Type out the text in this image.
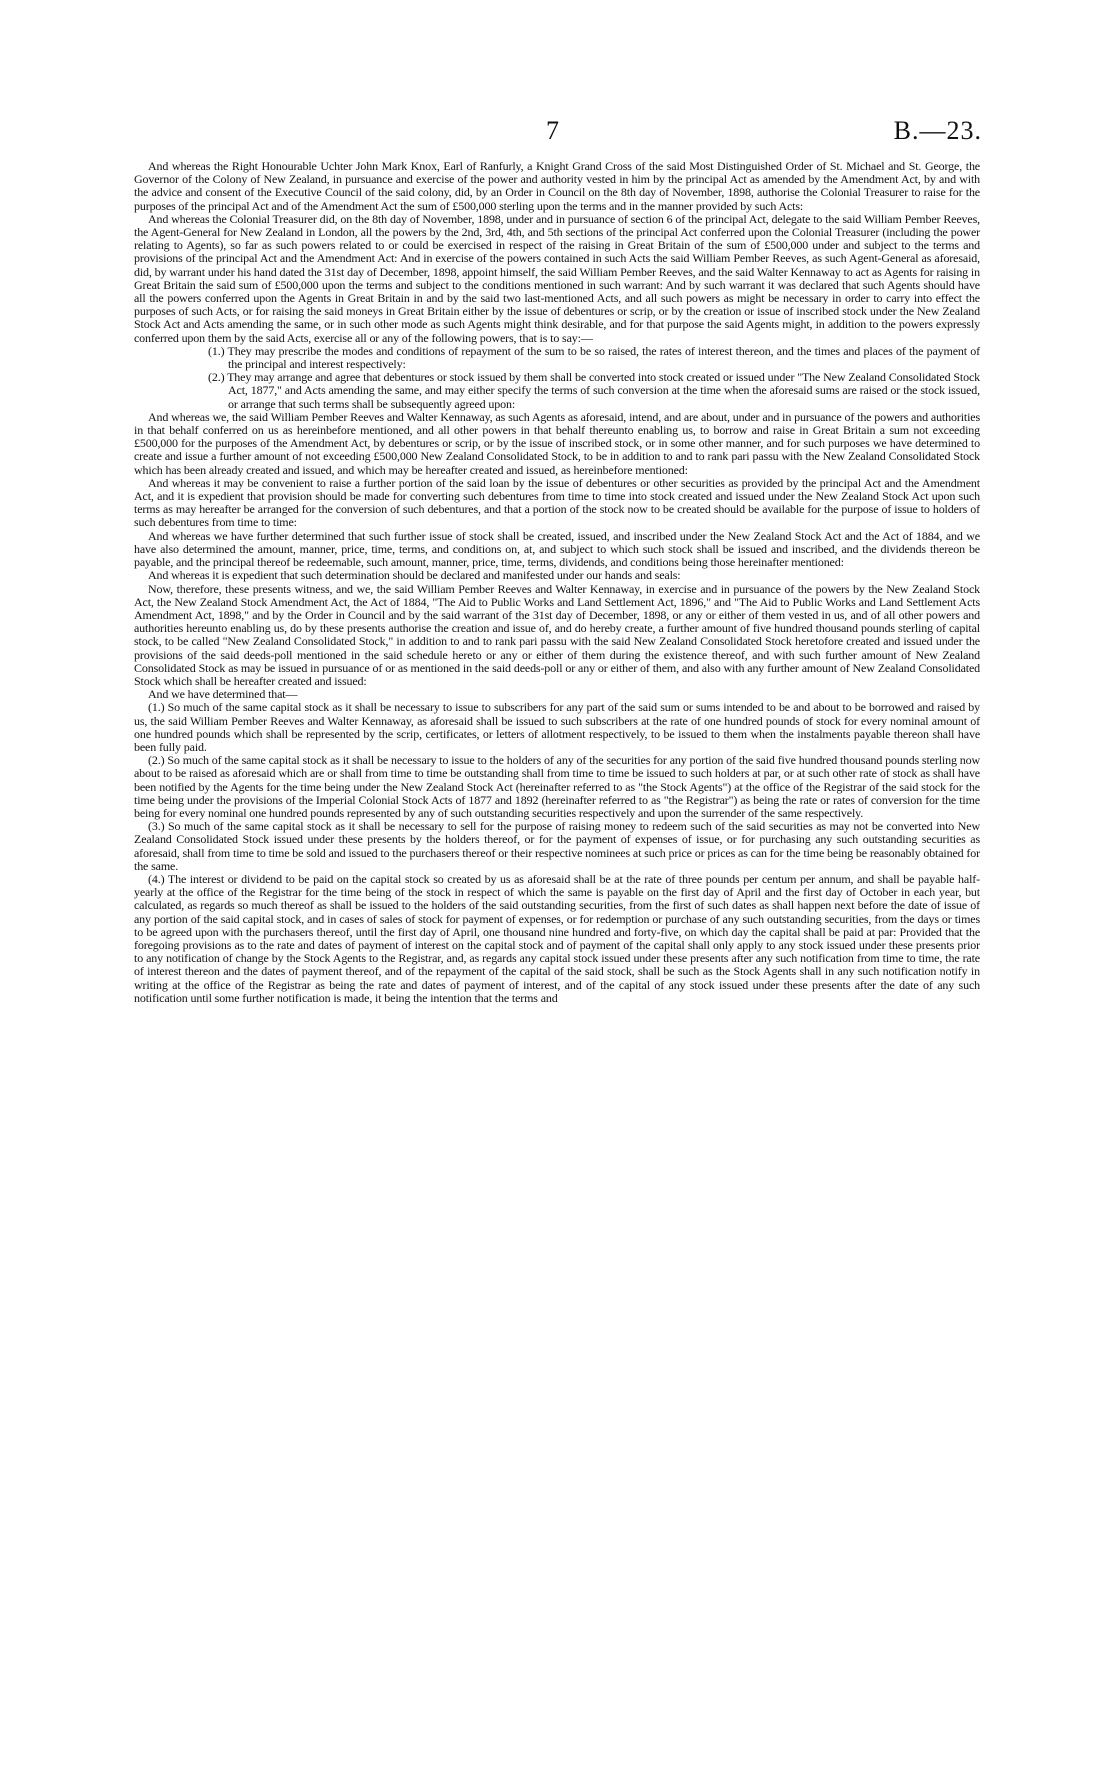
7	B.—23.

And whereas the Right Honourable Uchter John Mark Knox, Earl of Ranfurly, a Knight Grand Cross of the said Most Distinguished Order of St. Michael and St. George, the Governor of the Colony of New Zealand, in pursuance and exercise of the power and authority vested in him by the principal Act as amended by the Amendment Act, by and with the advice and consent of the Executive Council of the said colony, did, by an Order in Council on the 8th day of November, 1898, authorise the Colonial Treasurer to raise for the purposes of the principal Act and of the Amendment Act the sum of £500,000 sterling upon the terms and in the manner provided by such Acts:

And whereas the Colonial Treasurer did, on the 8th day of November, 1898, under and in pursuance of section 6 of the principal Act, delegate to the said William Pember Reeves, the Agent-General for New Zealand in London, all the powers by the 2nd, 3rd, 4th, and 5th sections of the principal Act conferred upon the Colonial Treasurer (including the power relating to Agents), so far as such powers related to or could be exercised in respect of the raising in Great Britain of the sum of £500,000 under and subject to the terms and provisions of the principal Act and the Amendment Act: And in exercise of the powers contained in such Acts the said William Pember Reeves, as such Agent-General as aforesaid, did, by warrant under his hand dated the 31st day of December, 1898, appoint himself, the said William Pember Reeves, and the said Walter Kennaway to act as Agents for raising in Great Britain the said sum of £500,000 upon the terms and subject to the conditions mentioned in such warrant: And by such warrant it was declared that such Agents should have all the powers conferred upon the Agents in Great Britain in and by the said two last-mentioned Acts, and all such powers as might be necessary in order to carry into effect the purposes of such Acts, or for raising the said moneys in Great Britain either by the issue of debentures or scrip, or by the creation or issue of inscribed stock under the New Zealand Stock Act and Acts amending the same, or in such other mode as such Agents might think desirable, and for that purpose the said Agents might, in addition to the powers expressly conferred upon them by the said Acts, exercise all or any of the following powers, that is to say:—

(1.) They may prescribe the modes and conditions of repayment of the sum to be so raised, the rates of interest thereon, and the times and places of the payment of the principal and interest respectively:

(2.) They may arrange and agree that debentures or stock issued by them shall be converted into stock created or issued under "The New Zealand Consolidated Stock Act, 1877," and Acts amending the same, and may either specify the terms of such conversion at the time when the aforesaid sums are raised or the stock issued, or arrange that such terms shall be subsequently agreed upon:

And whereas we, the said William Pember Reeves and Walter Kennaway, as such Agents as aforesaid, intend, and are about, under and in pursuance of the powers and authorities in that behalf conferred on us as hereinbefore mentioned, and all other powers in that behalf thereunto enabling us, to borrow and raise in Great Britain a sum not exceeding £500,000 for the purposes of the Amendment Act, by debentures or scrip, or by the issue of inscribed stock, or in some other manner, and for such purposes we have determined to create and issue a further amount of not exceeding £500,000 New Zealand Consolidated Stock, to be in addition to and to rank pari passu with the New Zealand Consolidated Stock which has been already created and issued, and which may be hereafter created and issued, as hereinbefore mentioned:

And whereas it may be convenient to raise a further portion of the said loan by the issue of debentures or other securities as provided by the principal Act and the Amendment Act, and it is expedient that provision should be made for converting such debentures from time to time into stock created and issued under the New Zealand Stock Act upon such terms as may hereafter be arranged for the conversion of such debentures, and that a portion of the stock now to be created should be available for the purpose of issue to holders of such debentures from time to time:

And whereas we have further determined that such further issue of stock shall be created, issued, and inscribed under the New Zealand Stock Act and the Act of 1884, and we have also determined the amount, manner, price, time, terms, and conditions on, at, and subject to which such stock shall be issued and inscribed, and the dividends thereon be payable, and the principal thereof be redeemable, such amount, manner, price, time, terms, dividends, and conditions being those hereinafter mentioned:

And whereas it is expedient that such determination should be declared and manifested under our hands and seals:

Now, therefore, these presents witness, and we, the said William Pember Reeves and Walter Kennaway, in exercise and in pursuance of the powers by the New Zealand Stock Act, the New Zealand Stock Amendment Act, the Act of 1884, "The Aid to Public Works and Land Settlement Act, 1896," and "The Aid to Public Works and Land Settlement Acts Amendment Act, 1898," and by the Order in Council and by the said warrant of the 31st day of December, 1898, or any or either of them vested in us, and of all other powers and authorities hereunto enabling us, do by these presents authorise the creation and issue of, and do hereby create, a further amount of five hundred thousand pounds sterling of capital stock, to be called "New Zealand Consolidated Stock," in addition to and to rank pari passu with the said New Zealand Consolidated Stock heretofore created and issued under the provisions of the said deeds-poll mentioned in the said schedule hereto or any or either of them during the existence thereof, and with such further amount of New Zealand Consolidated Stock as may be issued in pursuance of or as mentioned in the said deeds-poll or any or either of them, and also with any further amount of New Zealand Consolidated Stock which shall be hereafter created and issued:

And we have determined that—

(1.) So much of the same capital stock as it shall be necessary to issue to subscribers for any part of the said sum or sums intended to be and about to be borrowed and raised by us, the said William Pember Reeves and Walter Kennaway, as aforesaid shall be issued to such subscribers at the rate of one hundred pounds of stock for every nominal amount of one hundred pounds which shall be represented by the scrip, certificates, or letters of allotment respectively, to be issued to them when the instalments payable thereon shall have been fully paid.

(2.) So much of the same capital stock as it shall be necessary to issue to the holders of any of the securities for any portion of the said five hundred thousand pounds sterling now about to be raised as aforesaid which are or shall from time to time be outstanding shall from time to time be issued to such holders at par, or at such other rate of stock as shall have been notified by the Agents for the time being under the New Zealand Stock Act (hereinafter referred to as "the Stock Agents") at the office of the Registrar of the said stock for the time being under the provisions of the Imperial Colonial Stock Acts of 1877 and 1892 (hereinafter referred to as "the Registrar") as being the rate or rates of conversion for the time being for every nominal one hundred pounds represented by any of such outstanding securities respectively and upon the surrender of the same respectively.

(3.) So much of the same capital stock as it shall be necessary to sell for the purpose of raising money to redeem such of the said securities as may not be converted into New Zealand Consolidated Stock issued under these presents by the holders thereof, or for the payment of expenses of issue, or for purchasing any such outstanding securities as aforesaid, shall from time to time be sold and issued to the purchasers thereof or their respective nominees at such price or prices as can for the time being be reasonably obtained for the same.

(4.) The interest or dividend to be paid on the capital stock so created by us as aforesaid shall be at the rate of three pounds per centum per annum, and shall be payable half-yearly at the office of the Registrar for the time being of the stock in respect of which the same is payable on the first day of April and the first day of October in each year, but calculated, as regards so much thereof as shall be issued to the holders of the said outstanding securities, from the first of such dates as shall happen next before the date of issue of any portion of the said capital stock, and in cases of sales of stock for payment of expenses, or for redemption or purchase of any such outstanding securities, from the days or times to be agreed upon with the purchasers thereof, until the first day of April, one thousand nine hundred and forty-five, on which day the capital shall be paid at par: Provided that the foregoing provisions as to the rate and dates of payment of interest on the capital stock and of payment of the capital shall only apply to any stock issued under these presents prior to any notification of change by the Stock Agents to the Registrar, and, as regards any capital stock issued under these presents after any such notification from time to time, the rate of interest thereon and the dates of payment thereof, and of the repayment of the capital of the said stock, shall be such as the Stock Agents shall in any such notification notify in writing at the office of the Registrar as being the rate and dates of payment of interest, and of the capital of any stock issued under these presents after the date of any such notification until some further notification is made, it being the intention that the terms and
